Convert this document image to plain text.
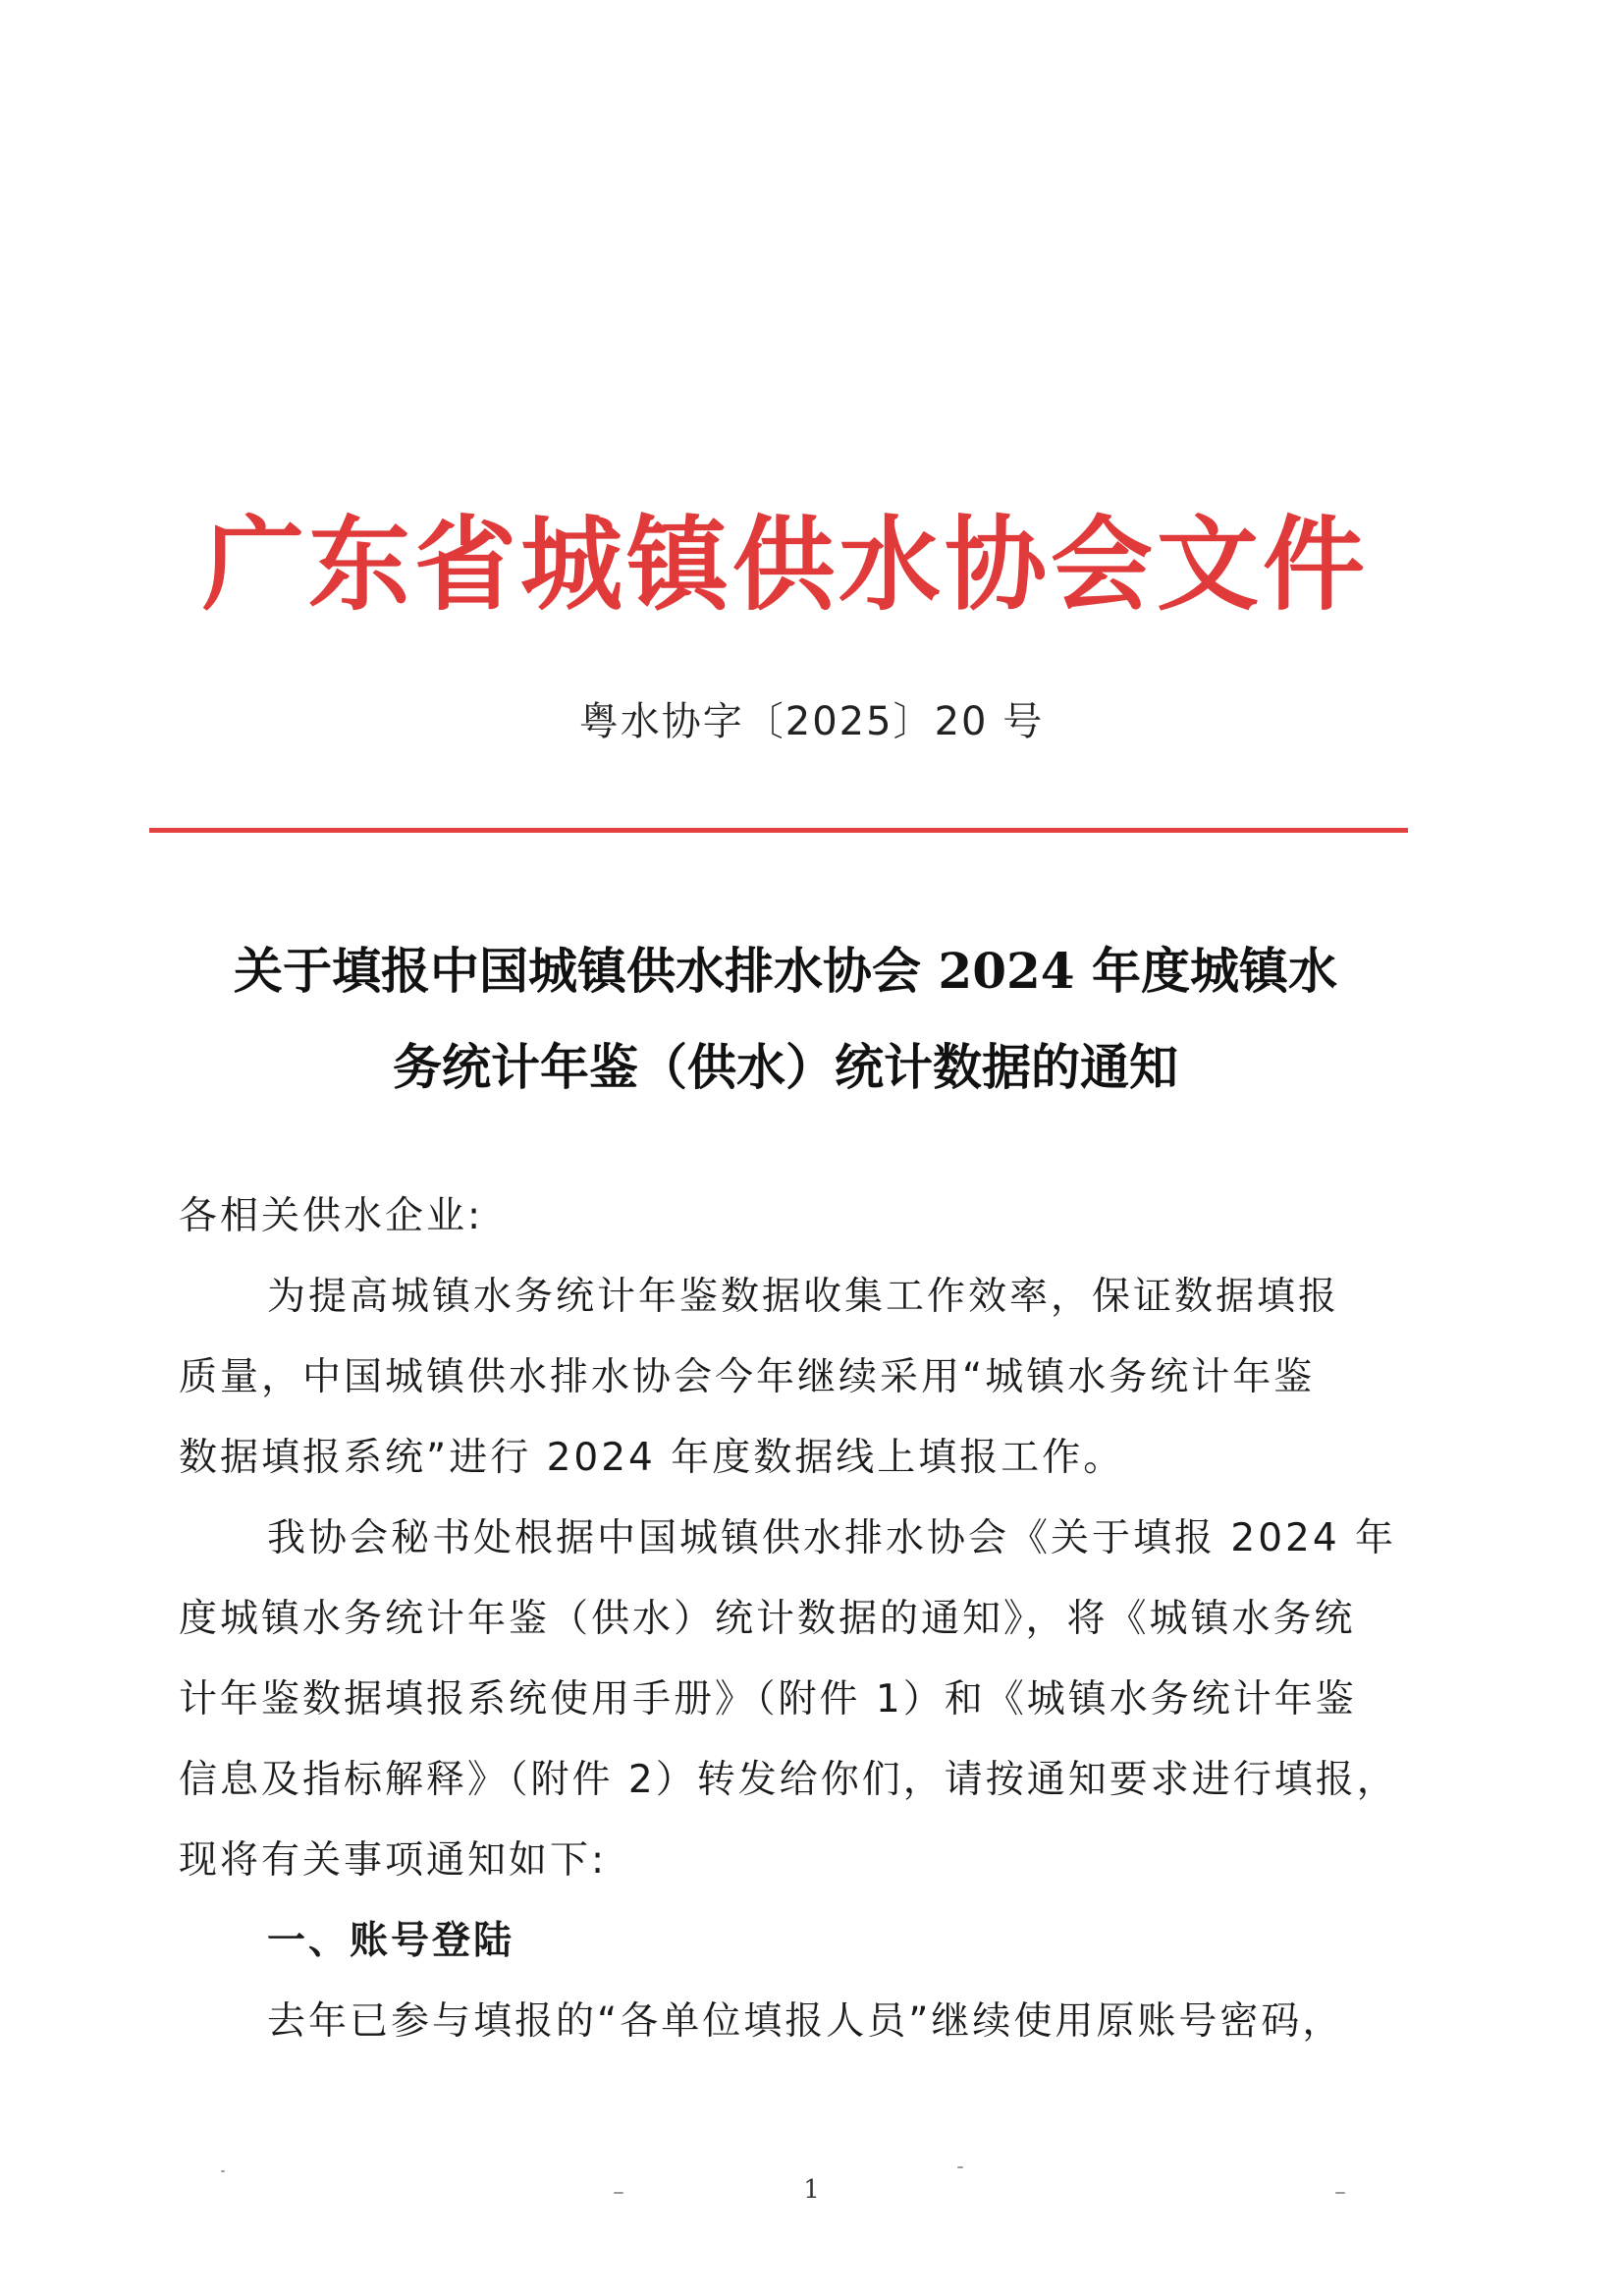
广东省城镇供水协会文件
粤水协字〔2025〕20 号
关于填报中国城镇供水排水协会 2024 年度城镇水
务统计年鉴（供水）统计数据的通知
各相关供水企业:
为提高城镇水务统计年鉴数据收集工作效率，保证数据填报
质量，中国城镇供水排水协会今年继续采用“城镇水务统计年鉴
数据填报系统”进行 2024 年度数据线上填报工作。
我协会秘书处根据中国城镇供水排水协会《关于填报 2024 年
度城镇水务统计年鉴（供水）统计数据的通知》，将《城镇水务统
计年鉴数据填报系统使用手册》（附件 1）和《城镇水务统计年鉴
信息及指标解释》（附件 2）转发给你们，请按通知要求进行填报，
现将有关事项通知如下:
一、账号登陆
去年已参与填报的“各单位填报人员”继续使用原账号密码，
1
